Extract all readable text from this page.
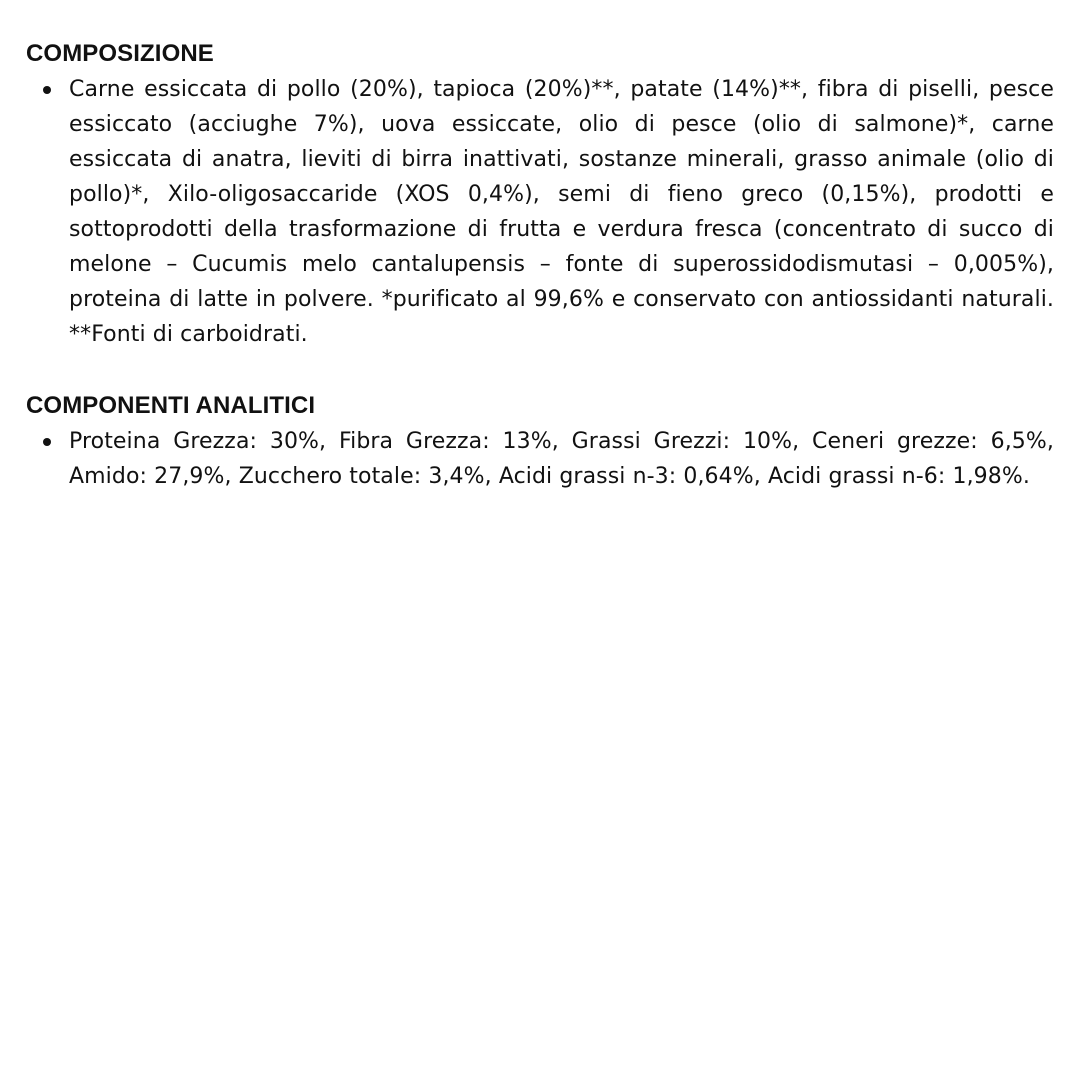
COMPOSIZIONE
Carne essiccata di pollo (20%), tapioca (20%)**, patate (14%)**, fibra di piselli, pesce essiccato (acciughe 7%), uova essiccate, olio di pesce (olio di salmone)*, carne essiccata di anatra, lieviti di birra inattivati, sostanze minerali, grasso animale (olio di pollo)*, Xilo-oligosaccaride (XOS 0,4%), semi di fieno greco (0,15%), prodotti e sottoprodotti della trasformazione di frutta e verdura fresca (concentrato di succo di melone – Cucumis melo cantalupensis – fonte di superossidodismutasi – 0,005%), proteina di latte in polvere. *purificato al 99,6% e conservato con antiossidanti naturali. **Fonti di carboidrati.
COMPONENTI ANALITICI
Proteina Grezza: 30%, Fibra Grezza: 13%, Grassi Grezzi: 10%, Ceneri grezze: 6,5%, Amido: 27,9%, Zucchero totale: 3,4%, Acidi grassi n-3: 0,64%, Acidi grassi n-6: 1,98%.
